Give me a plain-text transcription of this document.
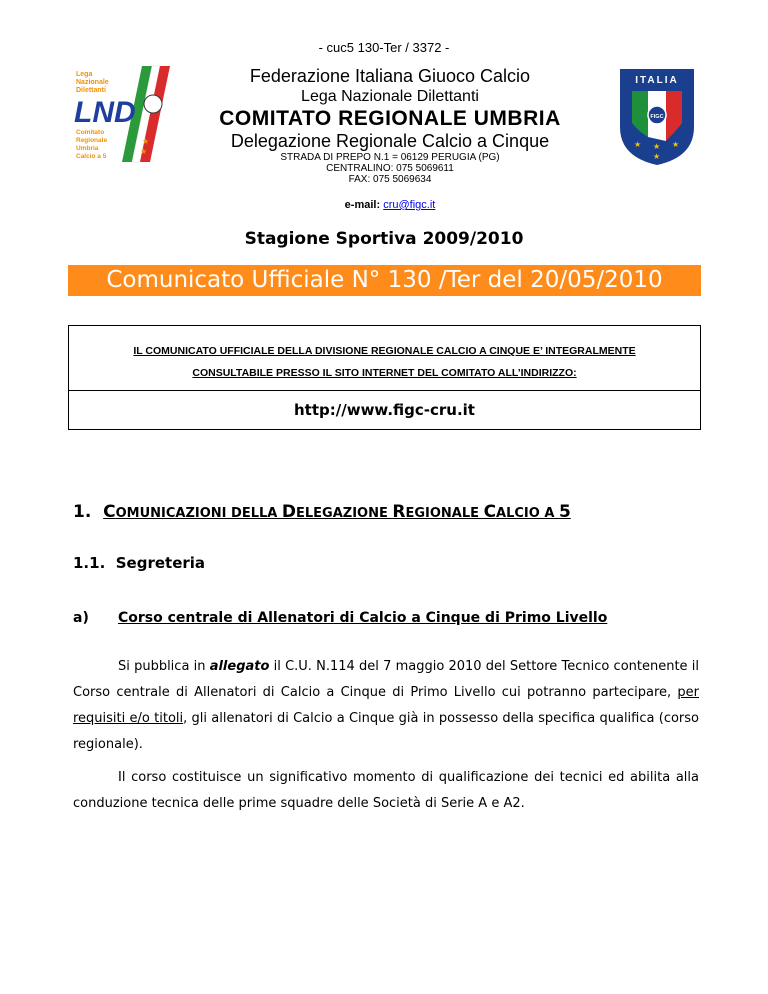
- cuc5 130-Ter / 3372 -
Lega
Nazionale
Dilettanti
LND
Comitato
Regionale
Umbria
Calcio a 5
★
★
ITALIA
FIGC
★ ★ ★
★
Federazione Italiana Giuoco Calcio
Lega Nazionale Dilettanti
COMITATO REGIONALE UMBRIA
Delegazione Regionale Calcio a Cinque
STRADA DI PREPO N.1 = 06129 PERUGIA (PG)
CENTRALINO: 075 5069611
FAX: 075 5069634
e-mail: cru@figc.it
Stagione Sportiva 2009/2010
Comunicato Ufficiale N° 130 /Ter del 20/05/2010
IL COMUNICATO UFFICIALE DELLA DIVISIONE REGIONALE CALCIO A CINQUE E’ INTEGRALMENTE
CONSULTABILE PRESSO IL SITO INTERNET DEL COMITATO ALL’INDIRIZZO:
http://www.figc-cru.it
1. COMUNICAZIONI DELLA DELEGAZIONE REGIONALE CALCIO A 5
1.1. Segreteria
a) Corso centrale di Allenatori di Calcio a Cinque di Primo Livello
Si pubblica in allegato il C.U. N.114 del 7 maggio 2010 del Settore Tecnico contenente il Corso centrale di Allenatori di Calcio a Cinque di Primo Livello cui potranno partecipare, per requisiti e/o titoli, gli allenatori di Calcio a Cinque già in possesso della specifica qualifica (corso regionale).
Il corso costituisce un significativo momento di qualificazione dei tecnici ed abilita alla conduzione tecnica delle prime squadre delle Società di Serie A e A2.
